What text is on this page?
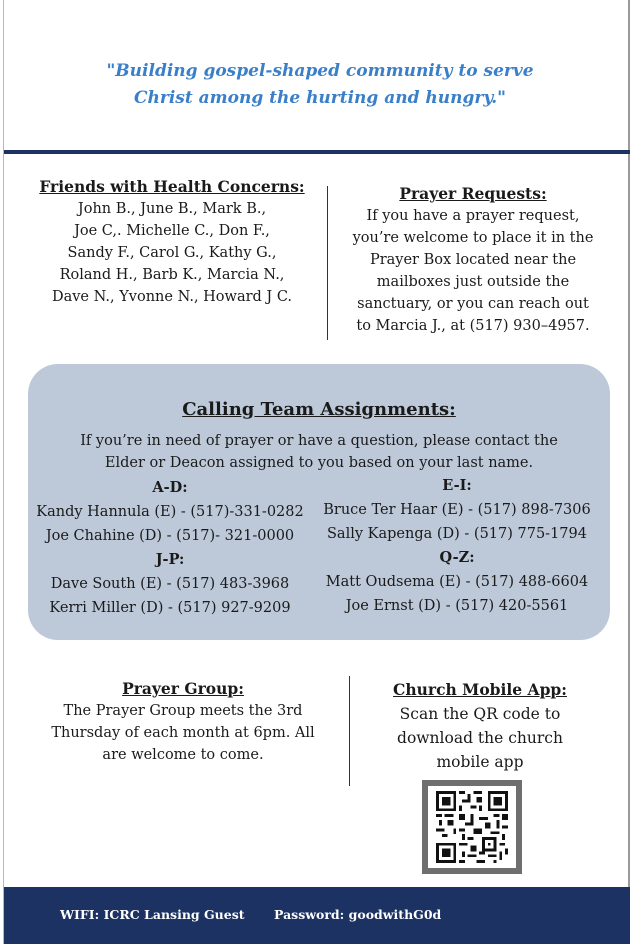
"Building gospel-shaped community to serve
Christ among the hurting and hungry."
Friends with Health Concerns:
John B., June B., Mark B.,
Joe C,. Michelle C., Don F.,
Sandy F., Carol G., Kathy G.,
Roland H., Barb K., Marcia N.,
Dave N., Yvonne N., Howard J C.
Prayer Requests:
If you have a prayer request,
you’re welcome to place it in the
Prayer Box located near the
mailboxes just outside the
sanctuary, or you can reach out
to Marcia J., at (517) 930–4957.
Calling Team Assignments:
If you’re in need of prayer or have a question, please contact the
Elder or Deacon assigned to you based on your last name.
A-D:
Kandy Hannula (E) - (517)-331-0282
Joe Chahine (D) - (517)- 321-0000
J-P:
Dave South (E) - (517) 483-3968
Kerri Miller (D) - (517) 927-9209
E-I:
Bruce Ter Haar (E) - (517) 898-7306
Sally Kapenga (D) - (517) 775-1794
Q-Z:
Matt Oudsema (E) - (517) 488-6604
Joe Ernst (D) - (517) 420-5561
Prayer Group:
The Prayer Group meets the 3rd
Thursday of each month at 6pm. All
are welcome to come.
Church Mobile App:
Scan the QR code to
download the church
mobile app
WIFI: ICRC Lansing Guest Password: goodwithG0d
